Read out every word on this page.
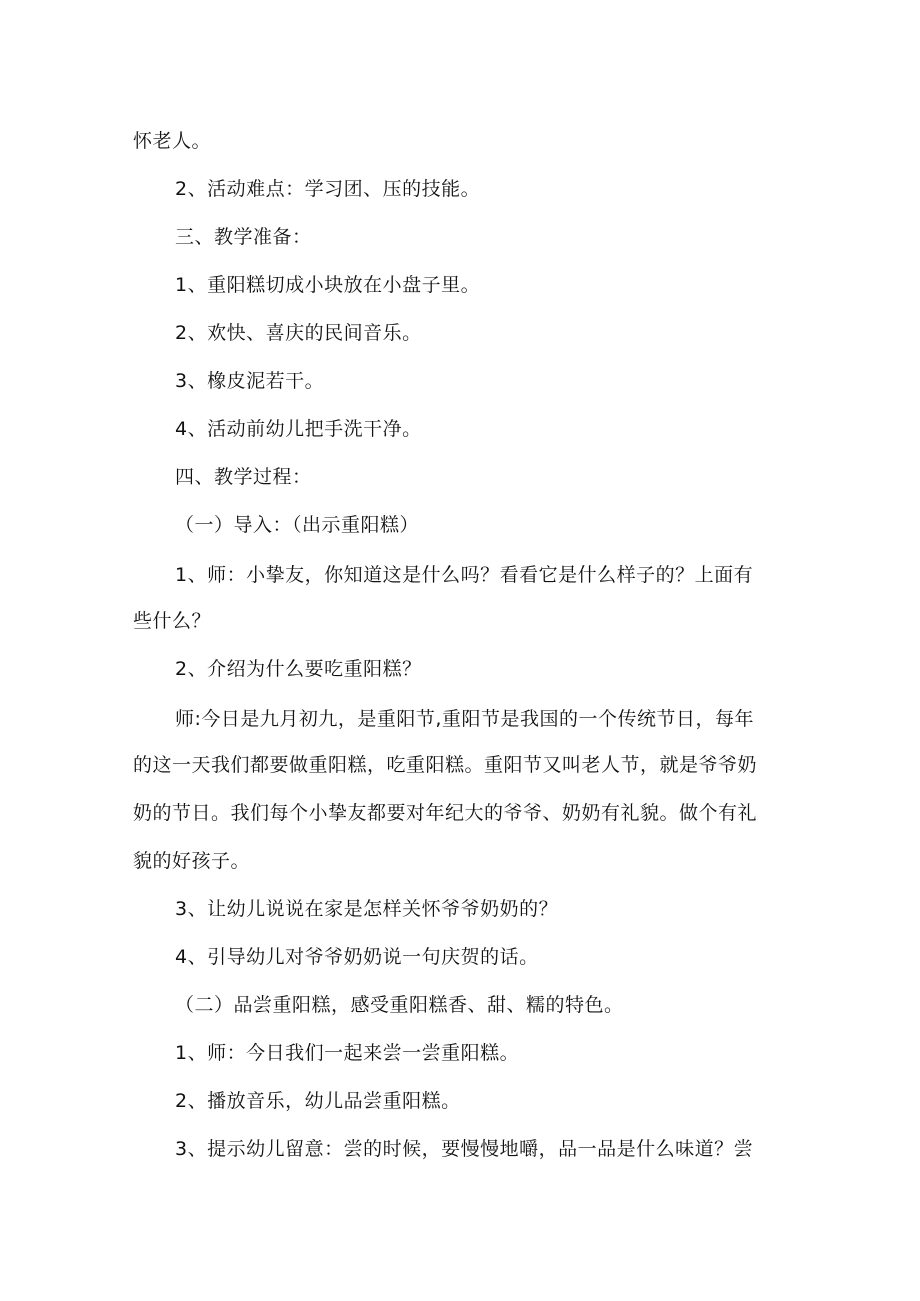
怀老人。
2、活动难点：学习团、压的技能。
三、教学准备：
1、重阳糕切成小块放在小盘子里。
2、欢快、喜庆的民间音乐。
3、橡皮泥若干。
4、活动前幼儿把手洗干净。
四、教学过程：
（一）导入：（出示重阳糕）
1、师：小挚友，你知道这是什么吗？看看它是什么样子的？上面有
些什么？
2、介绍为什么要吃重阳糕？
师:今日是九月初九，是重阳节,重阳节是我国的一个传统节日，每年
的这一天我们都要做重阳糕，吃重阳糕。重阳节又叫老人节，就是爷爷奶
奶的节日。我们每个小挚友都要对年纪大的爷爷、奶奶有礼貌。做个有礼
貌的好孩子。
3、让幼儿说说在家是怎样关怀爷爷奶奶的？
4、引导幼儿对爷爷奶奶说一句庆贺的话。
（二）品尝重阳糕，感受重阳糕香、甜、糯的特色。
1、师：今日我们一起来尝一尝重阳糕。
2、播放音乐，幼儿品尝重阳糕。
3、提示幼儿留意：尝的时候，要慢慢地嚼，品一品是什么味道？尝
